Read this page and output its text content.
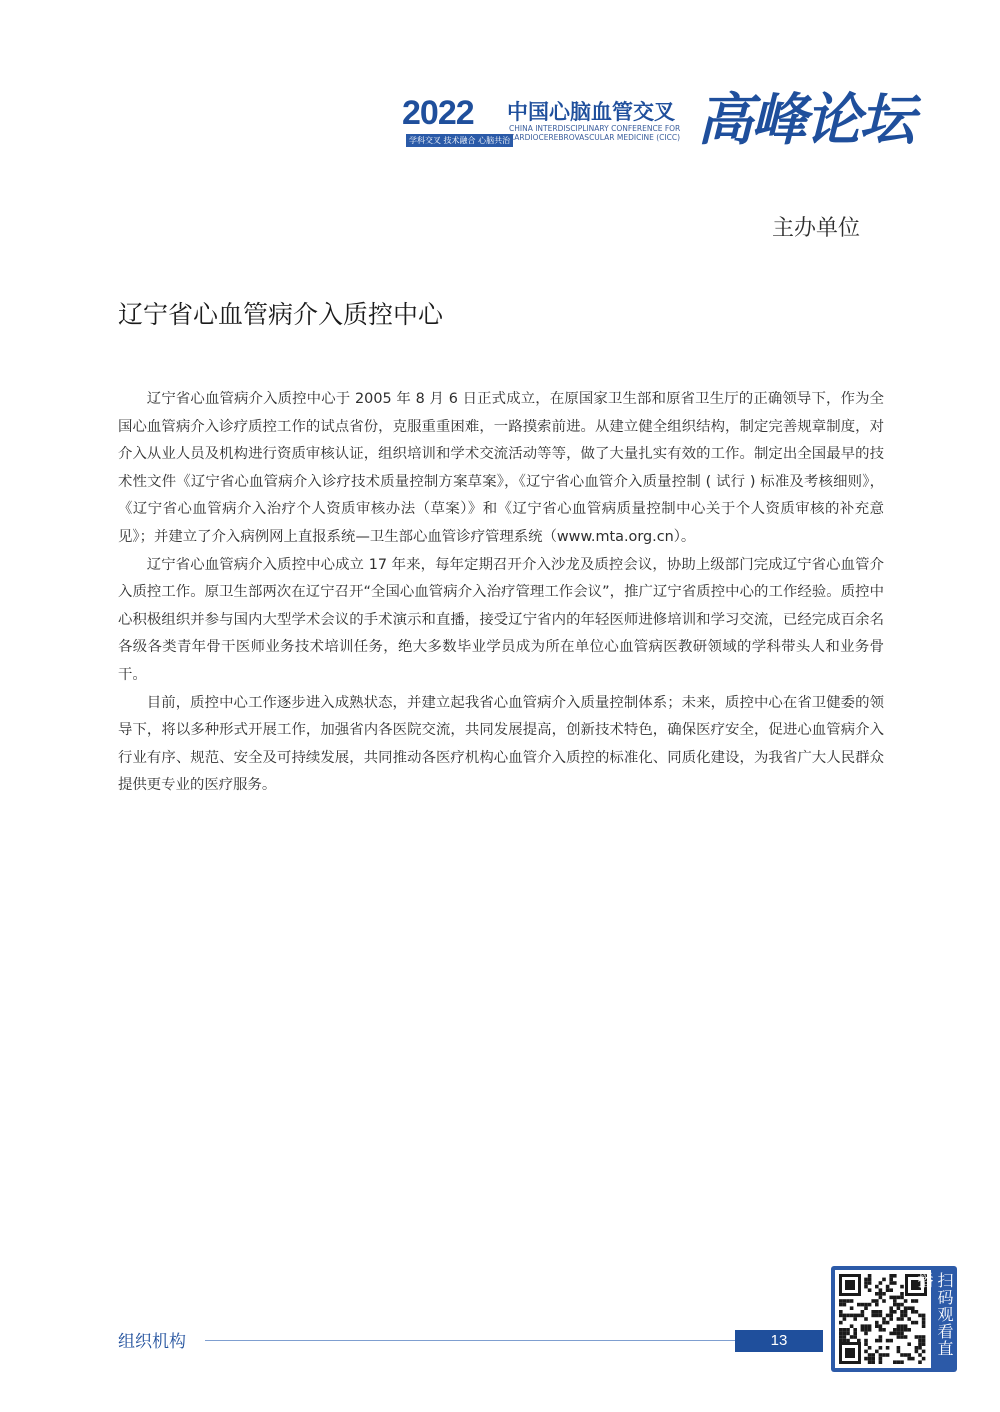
2022
学科交叉 技术融合 心脑共治
中国心脑血管交叉
CHINA INTERDISCIPLINARY CONFERENCE FOR
CARDIOCEREBROVASCULAR MEDICINE (CICC) 高峰论坛
主办单位
辽宁省心血管病介入质控中心

辽宁省心血管病介入质控中心于 2005 年 8 月 6 日正式成立，在原国家卫生部和原省卫生厅的正确领导下，作为全国心血管病介入诊疗质控工作的试点省份，克服重重困难，一路摸索前进。从建立健全组织结构，制定完善规章制度，对介入从业人员及机构进行资质审核认证，组织培训和学术交流活动等等，做了大量扎实有效的工作。制定出全国最早的技术性文件《辽宁省心血管病介入诊疗技术质量控制方案草案》，《辽宁省心血管介入质量控制 ( 试行 ) 标准及考核细则》，《辽宁省心血管病介入治疗个人资质审核办法（草案）》和《辽宁省心血管病质量控制中心关于个人资质审核的补充意见》；并建立了介入病例网上直报系统—卫生部心血管诊疗管理系统（www.mta.org.cn）。

辽宁省心血管病介入质控中心成立 17 年来，每年定期召开介入沙龙及质控会议，协助上级部门完成辽宁省心血管介入质控工作。原卫生部两次在辽宁召开“全国心血管病介入治疗管理工作会议”，推广辽宁省质控中心的工作经验。质控中心积极组织并参与国内大型学术会议的手术演示和直播，接受辽宁省内的年轻医师进修培训和学习交流，已经完成百余名各级各类青年骨干医师业务技术培训任务，绝大多数毕业学员成为所在单位心血管病医教研领域的学科带头人和业务骨干。

目前，质控中心工作逐步进入成熟状态，并建立起我省心血管病介入质量控制体系；未来，质控中心在省卫健委的领导下，将以多种形式开展工作，加强省内各医院交流，共同发展提高，创新技术特色，确保医疗安全，促进心血管病介入行业有序、规范、安全及可持续发展，共同推动各医疗机构心血管介入质控的标准化、同质化建设，为我省广大人民群众提供更专业的医疗服务。

组织机构	13	扫码观看直播
